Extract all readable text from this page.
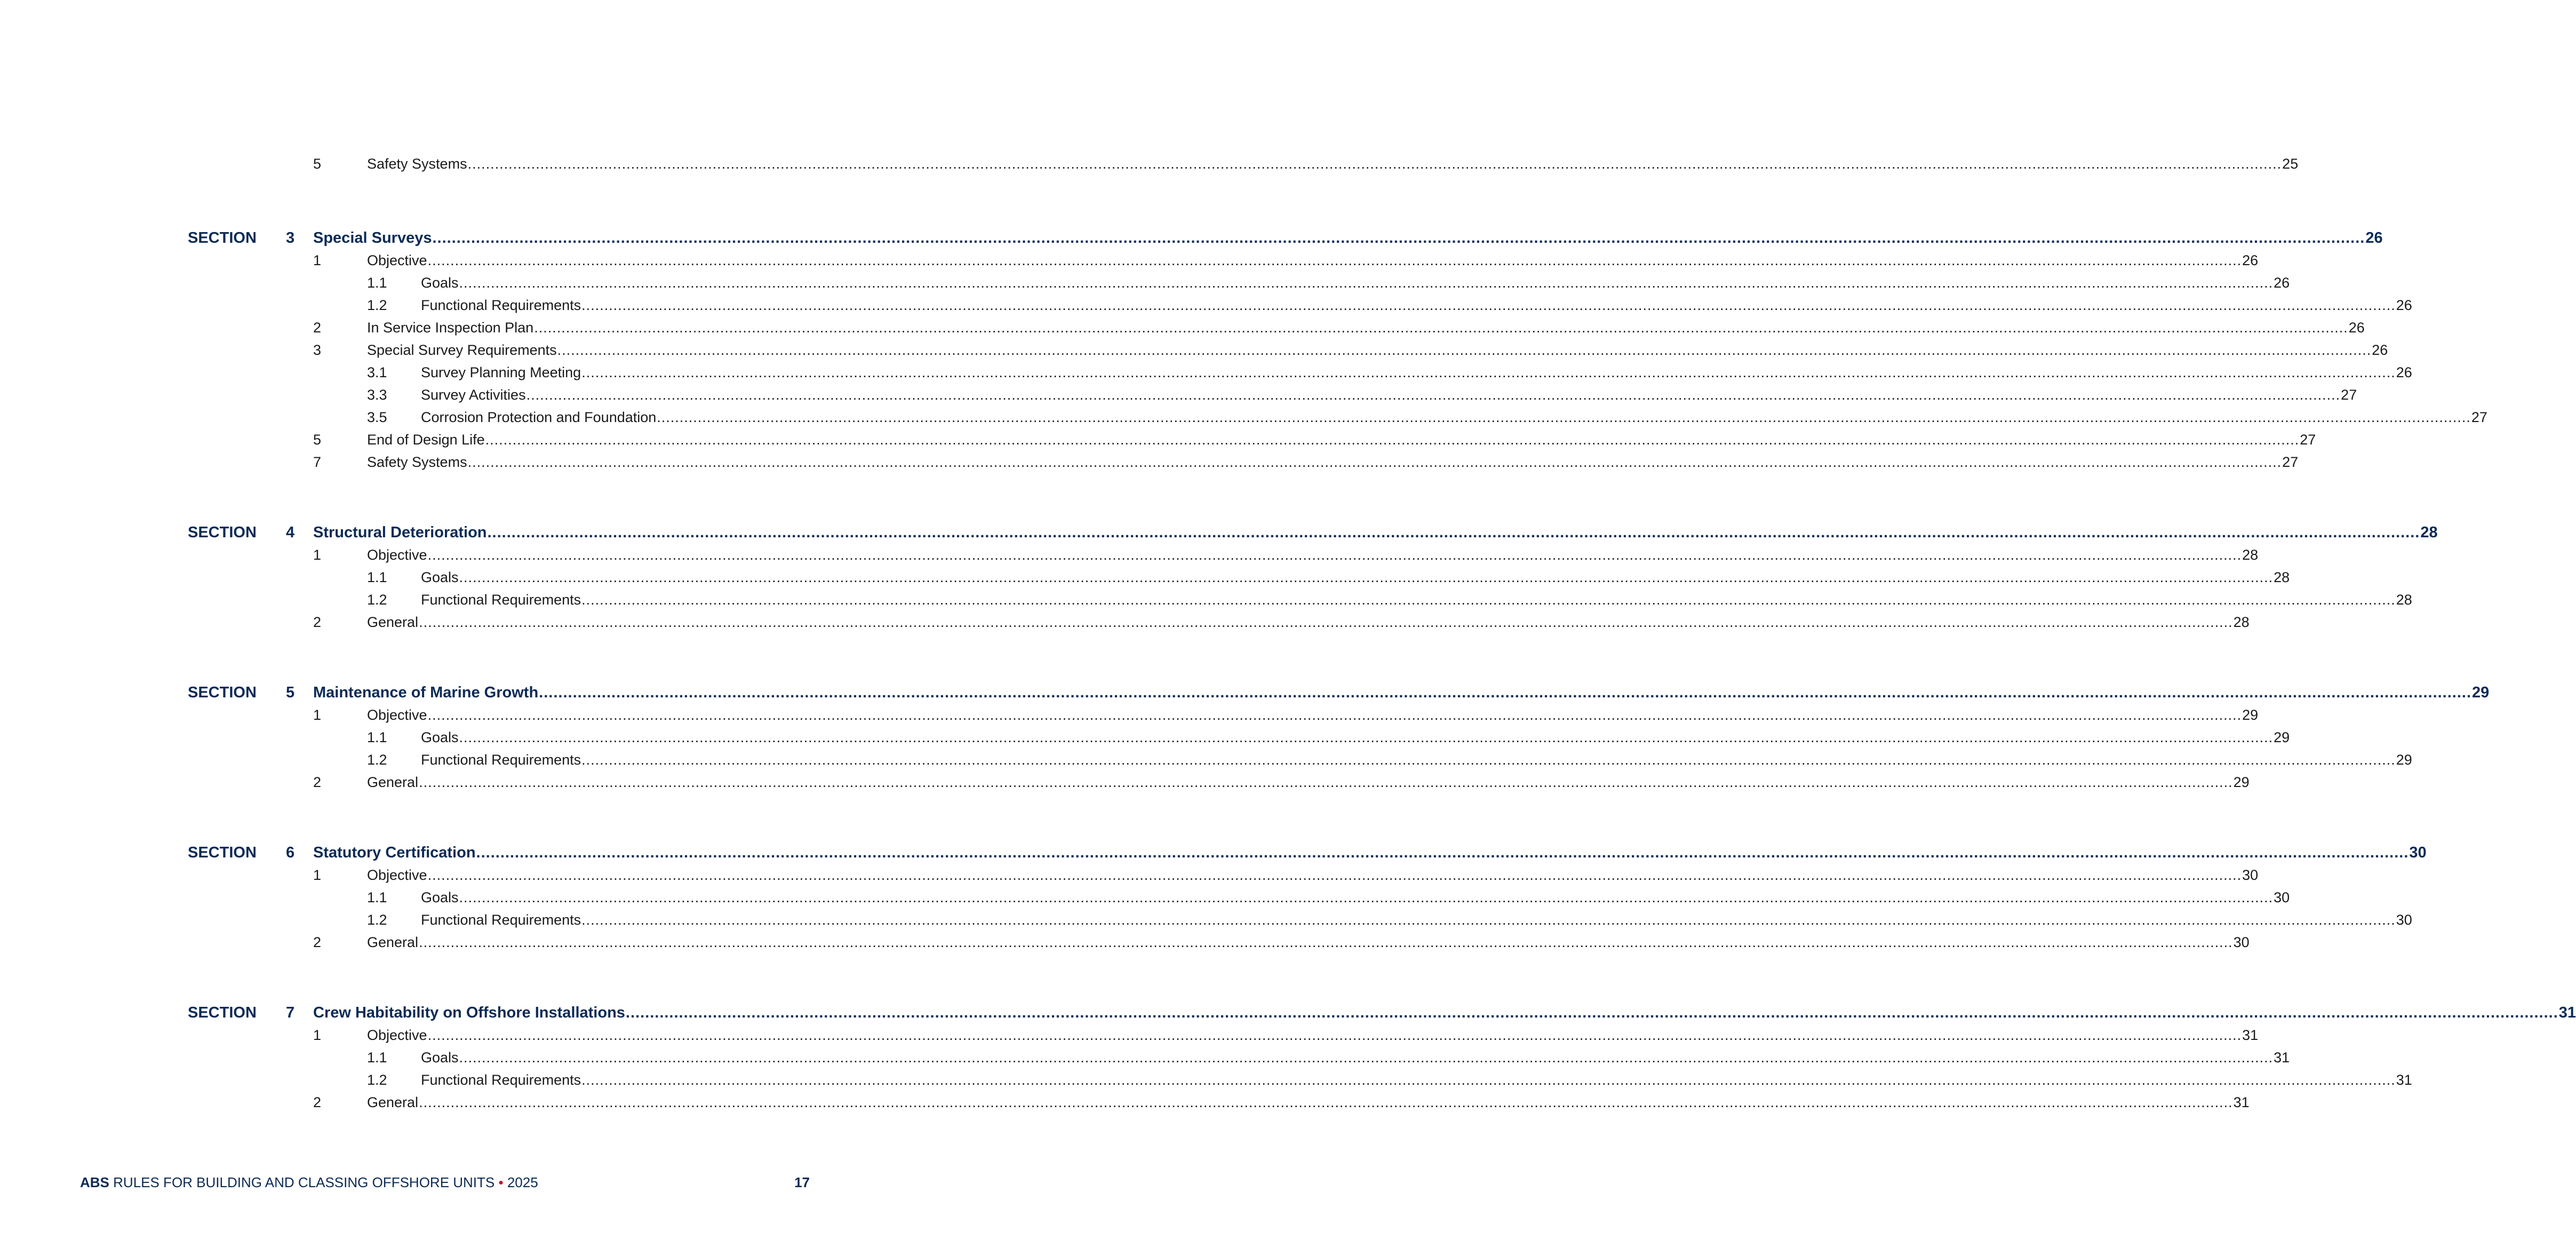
5	Safety Systems ................................................................................................................................................................................................................................................................................................................................................................................................................ 25
SECTION 3 Special Surveys ................................................................................................................................................................................................................................................................................................................................................................................................................ 26
1	Objective ................................................................................................................................................................................................................................................................................................................................................................................................................ 26
1.1 Goals ................................................................................................................................................................................................................................................................................................................................................................................................................ 26
1.2 Functional Requirements ................................................................................................................................................................................................................................................................................................................................................................................................................ 26
2	In Service Inspection Plan ................................................................................................................................................................................................................................................................................................................................................................................................................ 26
3	Special Survey Requirements ................................................................................................................................................................................................................................................................................................................................................................................................................ 26
3.1 Survey Planning Meeting ................................................................................................................................................................................................................................................................................................................................................................................................................ 26
3.3 Survey Activities ................................................................................................................................................................................................................................................................................................................................................................................................................ 27
3.5 Corrosion Protection and Foundation ................................................................................................................................................................................................................................................................................................................................................................................................................ 27
5	End of Design Life ................................................................................................................................................................................................................................................................................................................................................................................................................ 27
7	Safety Systems ................................................................................................................................................................................................................................................................................................................................................................................................................ 27
SECTION 4 Structural Deterioration ................................................................................................................................................................................................................................................................................................................................................................................................................ 28
1	Objective ................................................................................................................................................................................................................................................................................................................................................................................................................ 28
1.1 Goals ................................................................................................................................................................................................................................................................................................................................................................................................................ 28
1.2 Functional Requirements ................................................................................................................................................................................................................................................................................................................................................................................................................ 28
2	General ................................................................................................................................................................................................................................................................................................................................................................................................................ 28
SECTION 5 Maintenance of Marine Growth ................................................................................................................................................................................................................................................................................................................................................................................................................ 29
1	Objective ................................................................................................................................................................................................................................................................................................................................................................................................................ 29
1.1 Goals ................................................................................................................................................................................................................................................................................................................................................................................................................ 29
1.2 Functional Requirements ................................................................................................................................................................................................................................................................................................................................................................................................................ 29
2	General ................................................................................................................................................................................................................................................................................................................................................................................................................ 29
SECTION 6 Statutory Certification ................................................................................................................................................................................................................................................................................................................................................................................................................ 30
1	Objective ................................................................................................................................................................................................................................................................................................................................................................................................................ 30
1.1 Goals ................................................................................................................................................................................................................................................................................................................................................................................................................ 30
1.2 Functional Requirements ................................................................................................................................................................................................................................................................................................................................................................................................................ 30
2	General ................................................................................................................................................................................................................................................................................................................................................................................................................ 30
SECTION 7 Crew Habitability on Offshore Installations ................................................................................................................................................................................................................................................................................................................................................................................................................ 31
1	Objective ................................................................................................................................................................................................................................................................................................................................................................................................................ 31
1.1 Goals ................................................................................................................................................................................................................................................................................................................................................................................................................ 31
1.2 Functional Requirements ................................................................................................................................................................................................................................................................................................................................................................................................................ 31
2	General ................................................................................................................................................................................................................................................................................................................................................................................................................ 31
ABS RULES FOR BUILDING AND CLASSING OFFSHORE UNITS • 2025	17
